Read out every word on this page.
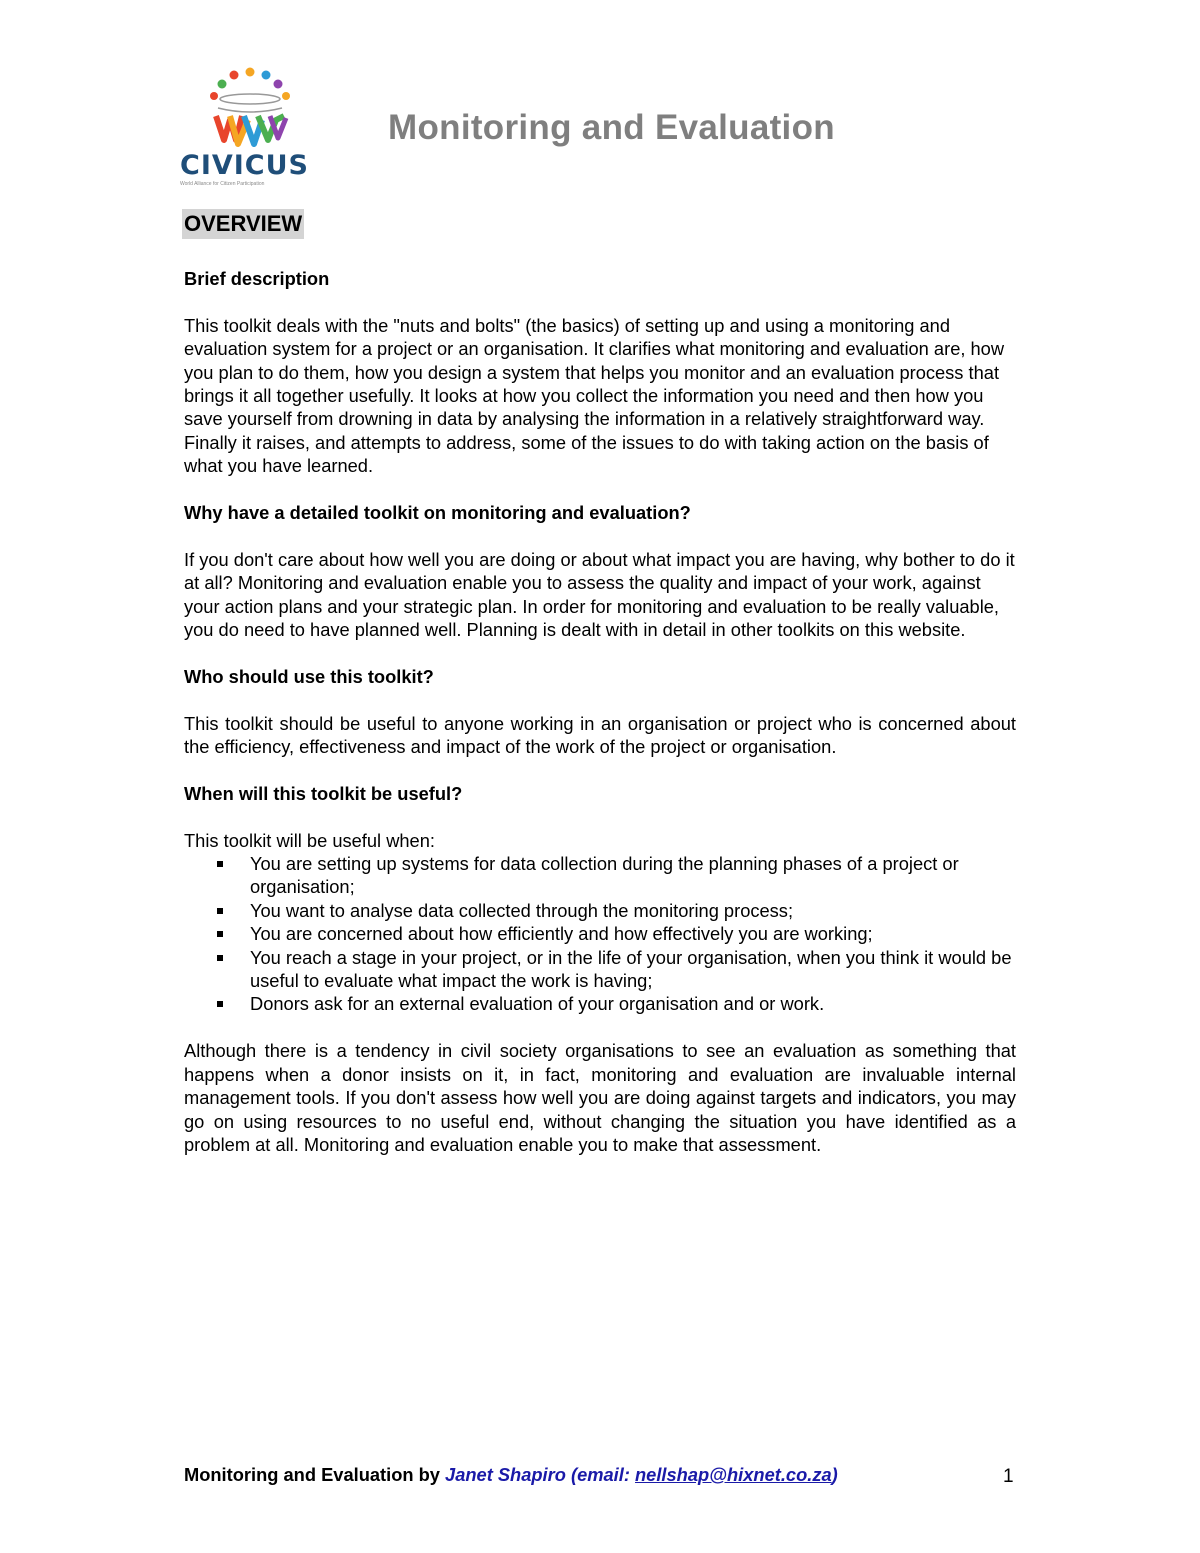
CIVICUS
World Alliance for Citizen Participation
Monitoring and Evaluation
OVERVIEW
Brief description

This toolkit deals with the "nuts and bolts" (the basics) of setting up and using a monitoring and evaluation system for a project or an organisation. It clarifies what monitoring and evaluation are, how you plan to do them, how you design a system that helps you monitor and an evaluation process that brings it all together usefully. It looks at how you collect the information you need and then how you save yourself from drowning in data by analysing the information in a relatively straightforward way. Finally it raises, and attempts to address, some of the issues to do with taking action on the basis of what you have learned.

Why have a detailed toolkit on monitoring and evaluation?

If you don't care about how well you are doing or about what impact you are having, why bother to do it at all? Monitoring and evaluation enable you to assess the quality and impact of your work, against your action plans and your strategic plan. In order for monitoring and evaluation to be really valuable, you do need to have planned well. Planning is dealt with in detail in other toolkits on this website.

Who should use this toolkit?

This toolkit should be useful to anyone working in an organisation or project who is concerned about the efficiency, effectiveness and impact of the work of the project or organisation.

When will this toolkit be useful?

This toolkit will be useful when:

You are setting up systems for data collection during the planning phases of a project or organisation;
You want to analyse data collected through the monitoring process;
You are concerned about how efficiently and how effectively you are working;
You reach a stage in your project, or in the life of your organisation, when you think it would be useful to evaluate what impact the work is having;
Donors ask for an external evaluation of your organisation and or work.

Although there is a tendency in civil society organisations to see an evaluation as something that happens when a donor insists on it, in fact, monitoring and evaluation are invaluable internal management tools. If you don't assess how well you are doing against targets and indicators, you may go on using resources to no useful end, without changing the situation you have identified as a problem at all. Monitoring and evaluation enable you to make that assessment.

Monitoring and Evaluation by Janet Shapiro (email: nellshap@hixnet.co.za)	1
